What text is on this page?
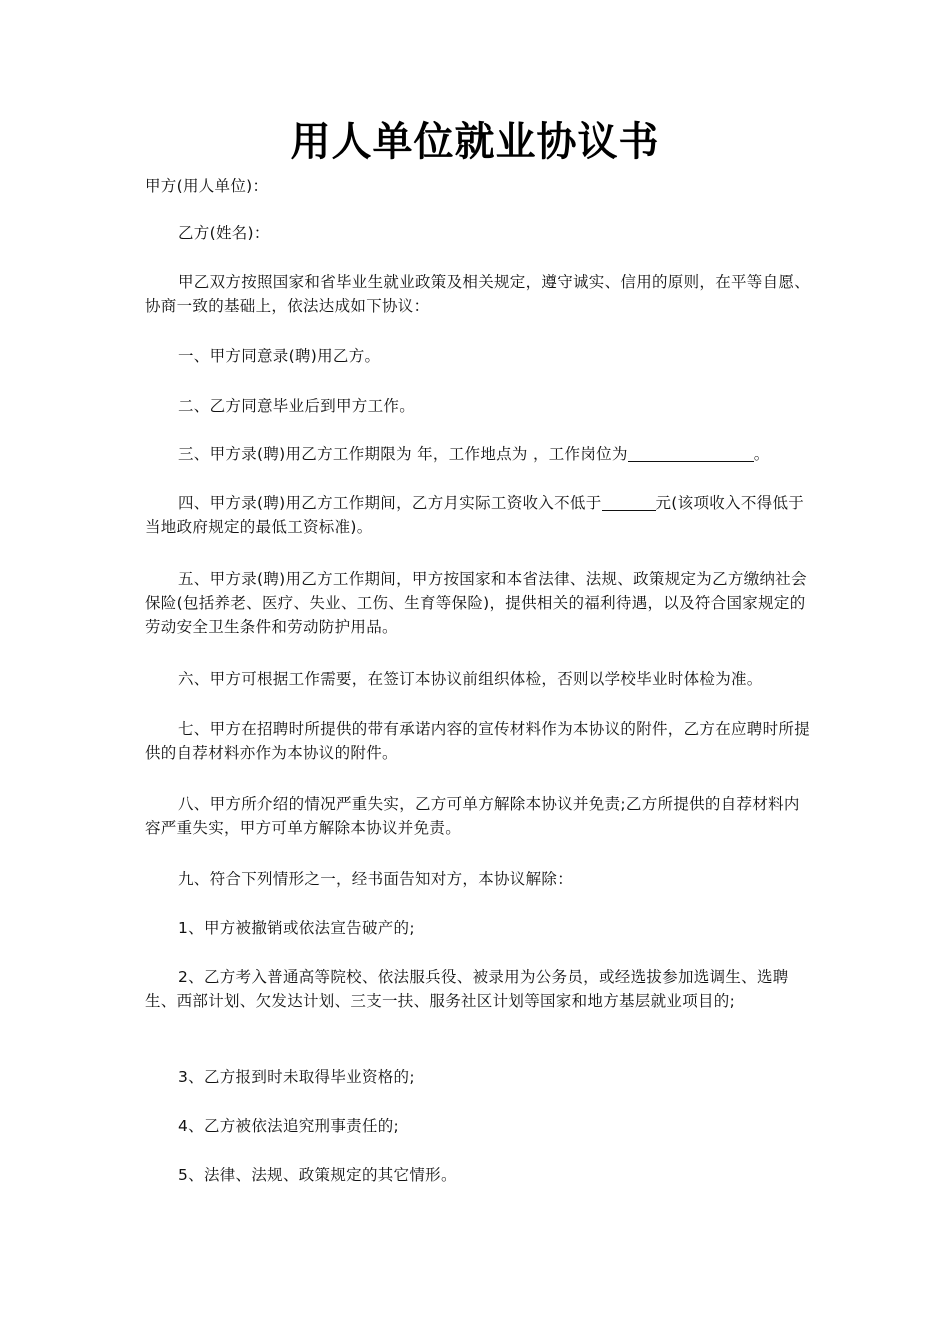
用人单位就业协议书

甲方(用人单位)：

乙方(姓名)：

甲乙双方按照国家和省毕业生就业政策及相关规定，遵守诚实、信用的原则，在平等自愿、协商一致的基础上，依法达成如下协议：

一、甲方同意录(聘)用乙方。

二、乙方同意毕业后到甲方工作。

三、甲方录(聘)用乙方工作期限为 年，工作地点为 ，工作岗位为	。

四、甲方录(聘)用乙方工作期间，乙方月实际工资收入不低于	元(该项收入不得低于当地政府规定的最低工资标准)。

五、甲方录(聘)用乙方工作期间，甲方按国家和本省法律、法规、政策规定为乙方缴纳社会保险(包括养老、医疗、失业、工伤、生育等保险)，提供相关的福利待遇，以及符合国家规定的劳动安全卫生条件和劳动防护用品。

六、甲方可根据工作需要，在签订本协议前组织体检，否则以学校毕业时体检为准。

七、甲方在招聘时所提供的带有承诺内容的宣传材料作为本协议的附件，乙方在应聘时所提供的自荐材料亦作为本协议的附件。

八、甲方所介绍的情况严重失实，乙方可单方解除本协议并免责;乙方所提供的自荐材料内容严重失实，甲方可单方解除本协议并免责。

九、符合下列情形之一，经书面告知对方，本协议解除：

1、甲方被撤销或依法宣告破产的;

2、乙方考入普通高等院校、依法服兵役、被录用为公务员，或经选拔参加选调生、选聘生、西部计划、欠发达计划、三支一扶、服务社区计划等国家和地方基层就业项目的;

3、乙方报到时未取得毕业资格的;

4、乙方被依法追究刑事责任的;

5、法律、法规、政策规定的其它情形。
